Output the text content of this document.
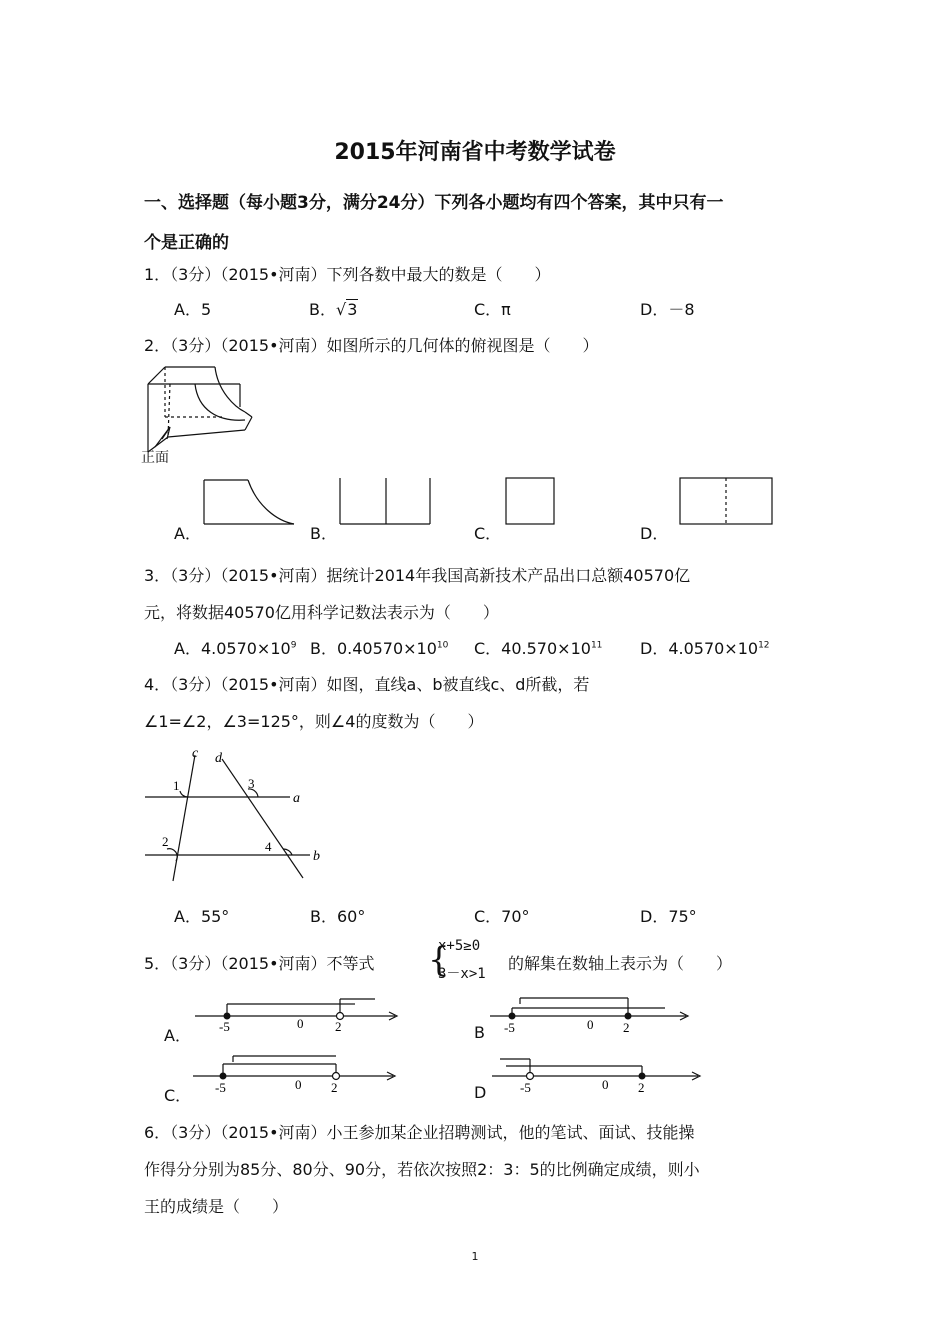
2015年河南省中考数学试卷
一、选择题（每小题3分，满分24分）下列各小题均有四个答案，其中只有一
个是正确的
1．（3分）（2015•河南）下列各数中最大的数是（　　）
A．5	B．√3	C．π	D．－8
2．（3分）（2015•河南）如图所示的几何体的俯视图是（　　）
正面
A．	B．	C．	D．
3．（3分）（2015•河南）据统计2014年我国高新技术产品出口总额40570亿
元，将数据40570亿用科学记数法表示为（　　）
A．$4.0570\times 10^9$ B．$0.40570\times 10^{10}$ C．$40.570\times 10^{11}$ D．$4.0570\times 10^{12}$
4．（3分）（2015•河南）如图，直线a、b被直线c、d所截，若
∠1=∠2，∠3=125°，则∠4的度数为（　　）
c d
a
b
1
2
3
4
A．55°	B．60°	C．70°	D．75°
5．（3分）（2015•河南）不等式 {
x+5≥0
3－x>1
的解集在数轴上表示为（　　）
A． -5	0 2	B -5	0 2
C． -5	0 2	D	-5	0 2
6．（3分）（2015•河南）小王参加某企业招聘测试，他的笔试、面试、技能操
作得分分别为85分、80分、90分，若依次按照2：3：5的比例确定成绩，则小
王的成绩是（　　）
1
